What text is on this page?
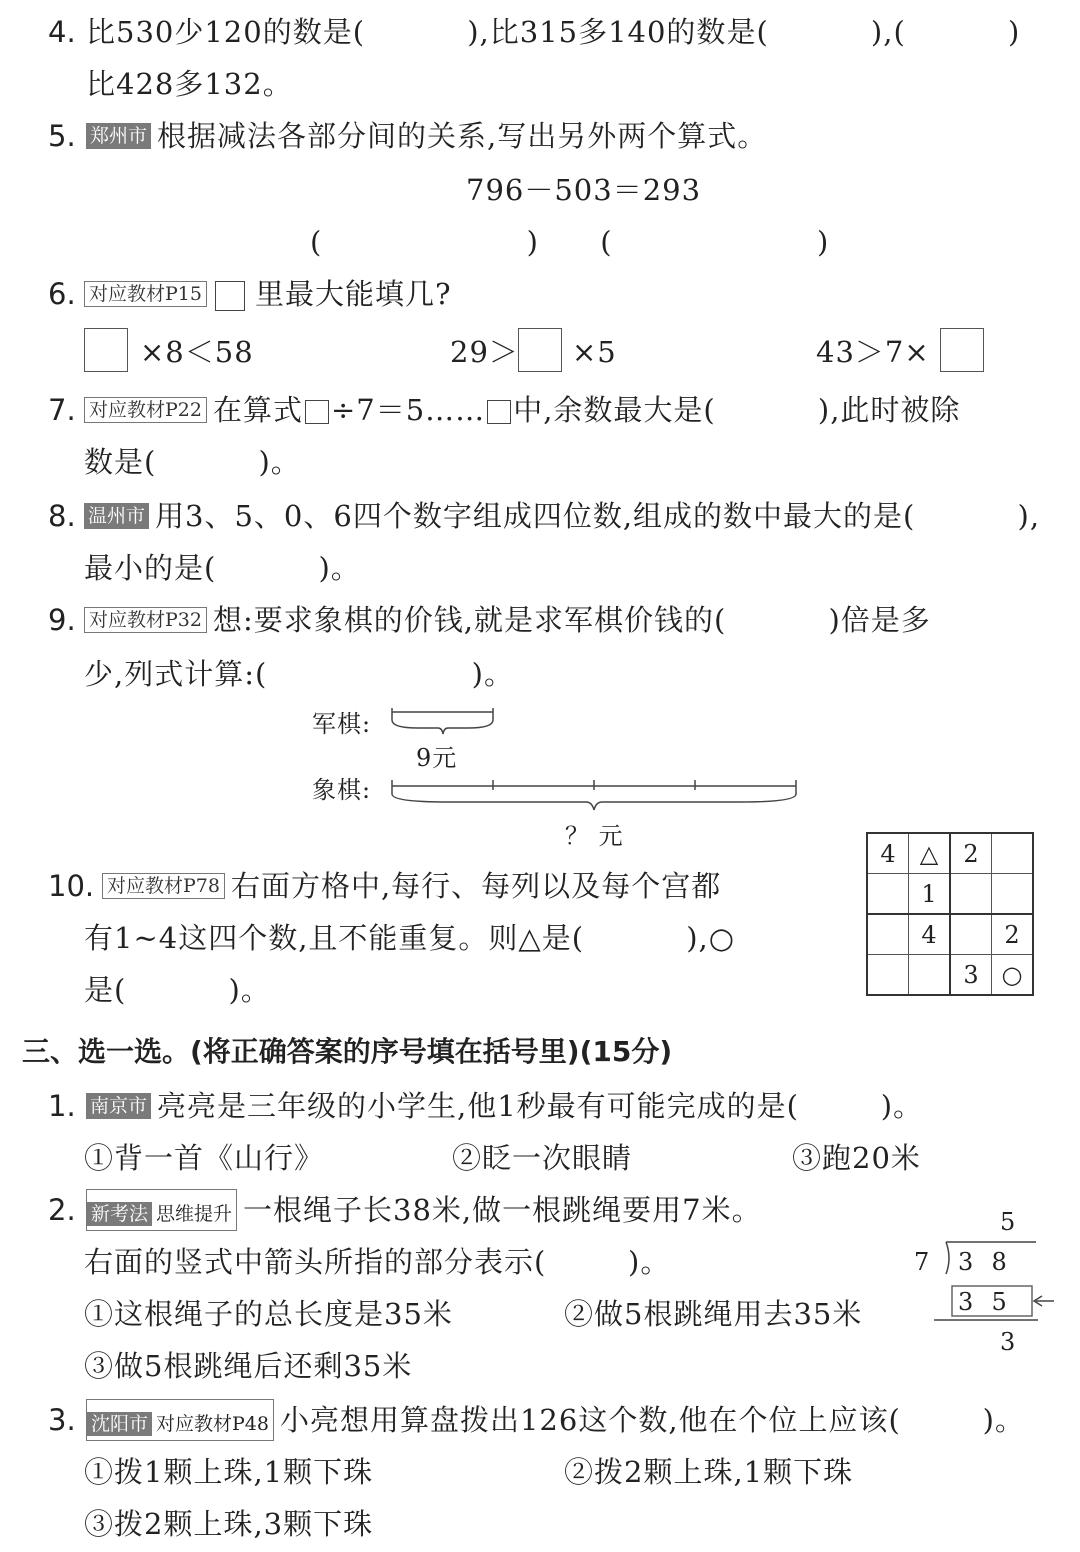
4. 比530少120的数是(          ),比315多140的数是(          ),(          )
比428多132。
5. 郑州市 根据减法各部分间的关系,写出另外两个算式。
796－503＝293
(                    )      (                    )
6. 对应教材P15 里最大能填几?
×8＜58	29＞ ×5	43＞7×
7. 对应教材P22 在算式 ÷7＝5…… 中,余数最大是(          ),此时被除
数是(          )。
8. 温州市 用3、5、0、6四个数字组成四位数,组成的数中最大的是(          ),
最小的是(          )。
9. 对应教材P32 想:要求象棋的价钱,就是求军棋价钱的(          )倍是多
少,列式计算:(                    )。
军棋:
9元
象棋:
？ 元
10. 对应教材P78 右面方格中,每行、每列以及每个宫都
有1~4这四个数,且不能重复。则△是(          ),○
是(          )。
4	△	2	
	1		
	4		2
		3	○
三、选一选。(将正确答案的序号填在括号里)(15分)
1. 南京市 亮亮是三年级的小学生,他1秒最有可能完成的是(        )。
①背一首《山行》	②眨一次眼睛	③跑20米
2. 新考法 思维提升 一根绳子长38米,做一根跳绳要用7米。
右面的竖式中箭头所指的部分表示(        )。
①这根绳子的总长度是35米	②做5根跳绳用去35米
③做5根跳绳后还剩35米
5
7 3  8
3  5
3
3. 沈阳市 对应教材P48 小亮想用算盘拨出126这个数,他在个位上应该(        )。
①拨1颗上珠,1颗下珠	②拨2颗上珠,1颗下珠
③拨2颗上珠,3颗下珠
